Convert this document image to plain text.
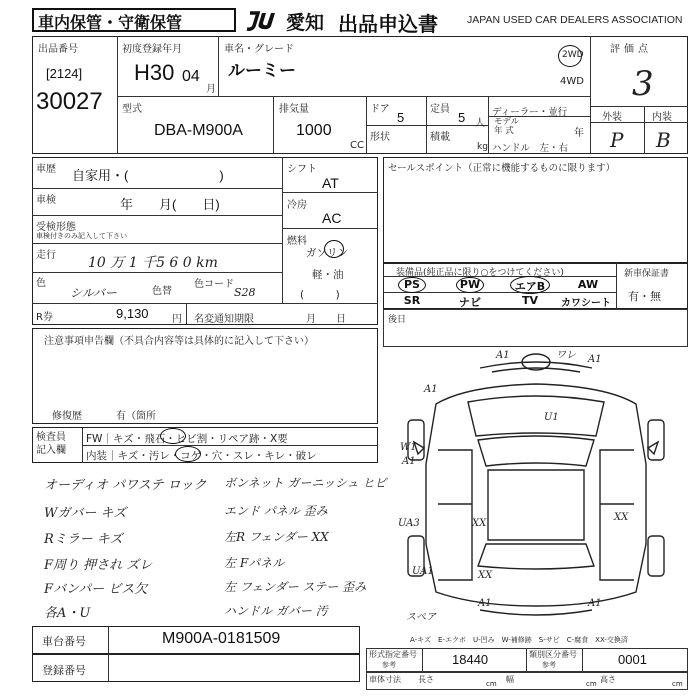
車内保管・守衛保管	愛知 出品申込書	JAPAN USED CAR DEALERS ASSOCIATION
出品番号
[2124]
30027
初度登録年月
H30 04
月
車名・グレード
ルーミー
2WD
4WD
型式
DBA-M900A
排気量
1000
CC
ドア
5
定員
5 人
形状	積載
kg
ディーラー・並行
モデル
年 式	年
ハンドル　左・右
評価点
3
外装	内装
P B
車歴 自家用・(　　　　　　　)
車検	年　　月(　　日)
受検形態
車検付きのみ記入して下さい
走行 10 万 1 千5 6 0 km
色
シルバー	色替
色コード
S28
シフト
AT
冷房
AC
燃料
ガソリン
軽・油
(　　　)
R券	9,130 円 名変通知期限	月　　日
セールスポイント（正常に機能するものに限ります）
装備品(純正品に限り○をつけてください)
PS	PW	エアB	AW
SR	ナビ	TV	カワシート
新車保証書
有・無
後日
注意事項申告欄（不具合内容等は具体的に記入して下さい）
修復歴	有（箇所
検査員
記入欄
FW｜キズ・飛石・ヒビ割・リペア跡・X要
内装｜キズ・汚レ・コゲ・穴・スレ・キレ・破レ
オーディオ パワステ ロック
Wガバー キズ
Rミラー キズ
F周り 押され ズレ
Fバンパー ビス欠
各A・U
ボンネット ガーニッシュ ヒビ
エンド パネル 歪み
左R フェンダー XX
左 Fパネル
左 フェンダー ステー 歪み
ハンドル ガバー 汚
A1	A1
A1
U1
W1
A1
XX
UA3
XX
UA1
XX
ワレ
A1	A1
スペア
A-キズ　E-エクボ　U-凹み　W-補修跡　S-サビ　C-腐食　XX-交換済
車台番号	M900A-0181509
登録番号
形式指定番号
参考	18440	類別区分番号
参考	0001
車体寸法 長さ	cm 幅	cm 高さ	cm
